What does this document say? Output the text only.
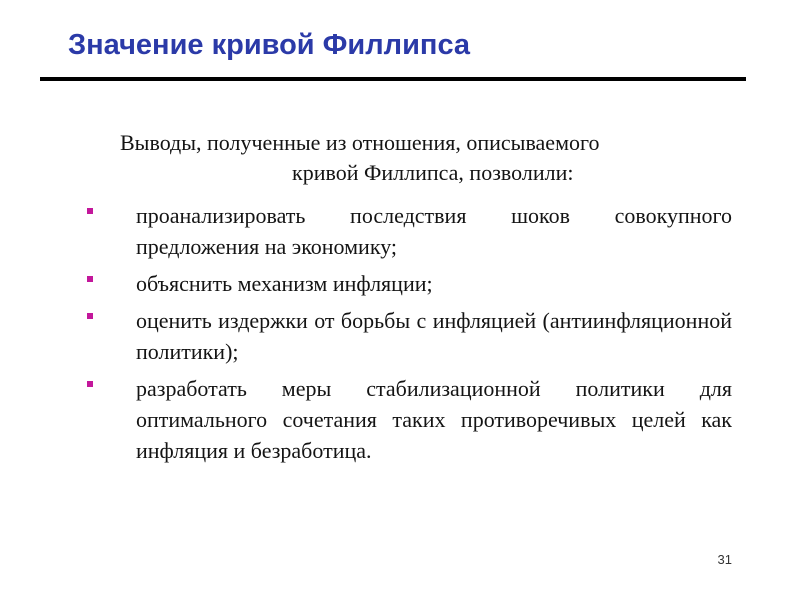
Значение кривой Филлипса

Выводы, полученные из отношения, описываемого
кривой Филлипса, позволили:

проанализировать последствия шоков совокупного предложения на экономику;
объяснить механизм инфляции;
оценить издержки от борьбы с инфляцией (антиинфляционной политики);
разработать меры стабилизационной политики для оптимального сочетания таких противоречивых целей как инфляция и безработица.
31
